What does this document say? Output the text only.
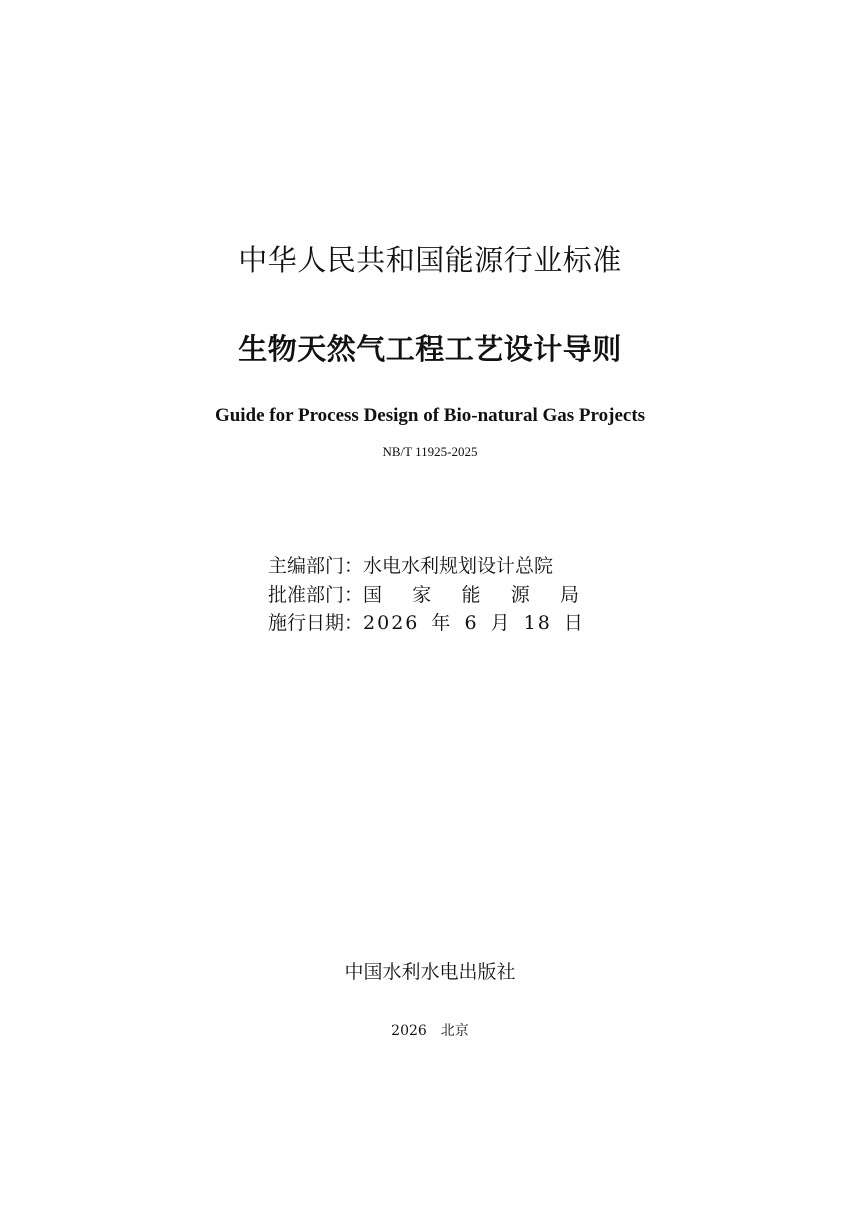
中华人民共和国能源行业标准
生物天然气工程工艺设计导则
Guide for Process Design of Bio-natural Gas Projects
NB/T 11925-2025
主编部门： 水电水利规划设计总院
批准部门： 国 家 能 源 局
施行日期： 2026 年 6 月 18 日
中国水利水电出版社
2026　北京
